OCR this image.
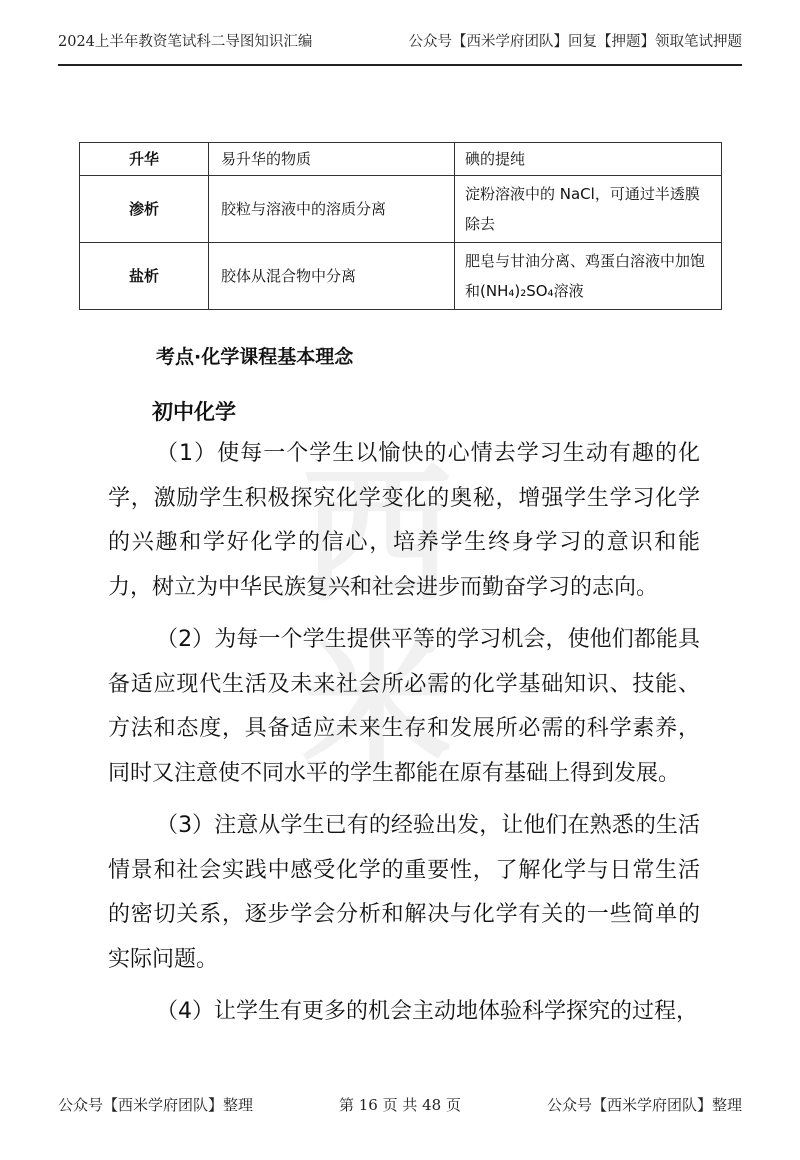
2024上半年教资笔试科二导图知识汇编	公众号【西米学府团队】回复【押题】领取笔试押题
升华	易升华的物质	碘的提纯
渗析	胶粒与溶液中的溶质分离	淀粉溶液中的 NaCl，可通过半透膜除去
盐析	胶体从混合物中分离	肥皂与甘油分离、鸡蛋白溶液中加饱和(NH₄)₂SO₄溶液
考点·化学课程基本理念
初中化学
西米

（1）使每一个学生以愉快的心情去学习生动有趣的化学，激励学生积极探究化学变化的奥秘，增强学生学习化学的兴趣和学好化学的信心，培养学生终身学习的意识和能力，树立为中华民族复兴和社会进步而勤奋学习的志向。

（2）为每一个学生提供平等的学习机会，使他们都能具备适应现代生活及未来社会所必需的化学基础知识、技能、方法和态度，具备适应未来生存和发展所必需的科学素养，同时又注意使不同水平的学生都能在原有基础上得到发展。

（3）注意从学生已有的经验出发，让他们在熟悉的生活情景和社会实践中感受化学的重要性，了解化学与日常生活的密切关系，逐步学会分析和解决与化学有关的一些简单的实际问题。

（4）让学生有更多的机会主动地体验科学探究的过程，

公众号【西米学府团队】整理	第 16 页 共 48 页	公众号【西米学府团队】整理
